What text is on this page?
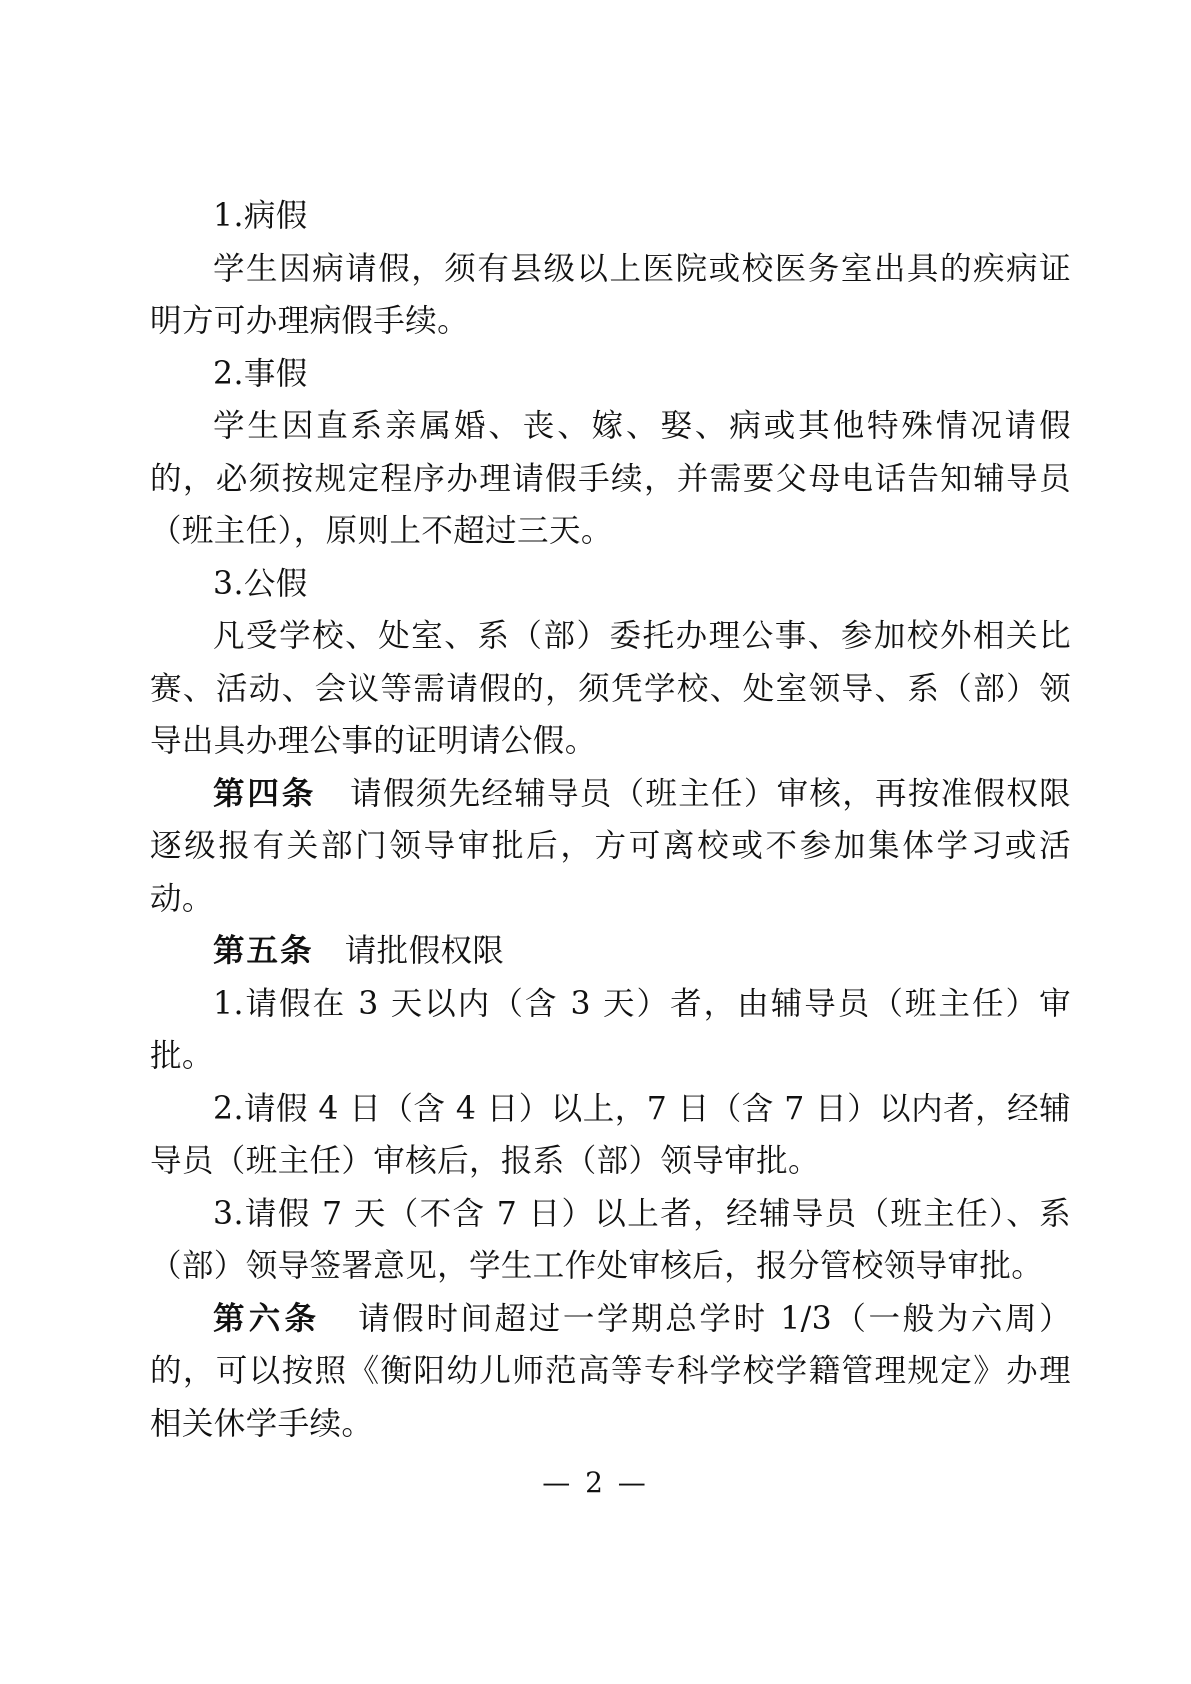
1.病假

学生因病请假，须有县级以上医院或校医务室出具的疾病证明方可办理病假手续。

2.事假

学生因直系亲属婚、丧、嫁、娶、病或其他特殊情况请假的，必须按规定程序办理请假手续，并需要父母电话告知辅导员（班主任），原则上不超过三天。

3.公假

凡受学校、处室、系（部）委托办理公事、参加校外相关比赛、活动、会议等需请假的，须凭学校、处室领导、系（部）领导出具办理公事的证明请公假。

第四条 请假须先经辅导员（班主任）审核，再按准假权限逐级报有关部门领导审批后，方可离校或不参加集体学习或活动。

第五条 请批假权限

1.请假在 3 天以内（含 3 天）者，由辅导员（班主任）审批。

2.请假 4 日（含 4 日）以上，7 日（含 7 日）以内者，经辅导员（班主任）审核后，报系（部）领导审批。

3.请假 7 天（不含 7 日）以上者，经辅导员（班主任）、系（部）领导签署意见，学生工作处审核后，报分管校领导审批。

第六条 请假时间超过一学期总学时 1/3（一般为六周）的，可以按照《衡阳幼儿师范高等专科学校学籍管理规定》办理相关休学手续。

— 2 —
